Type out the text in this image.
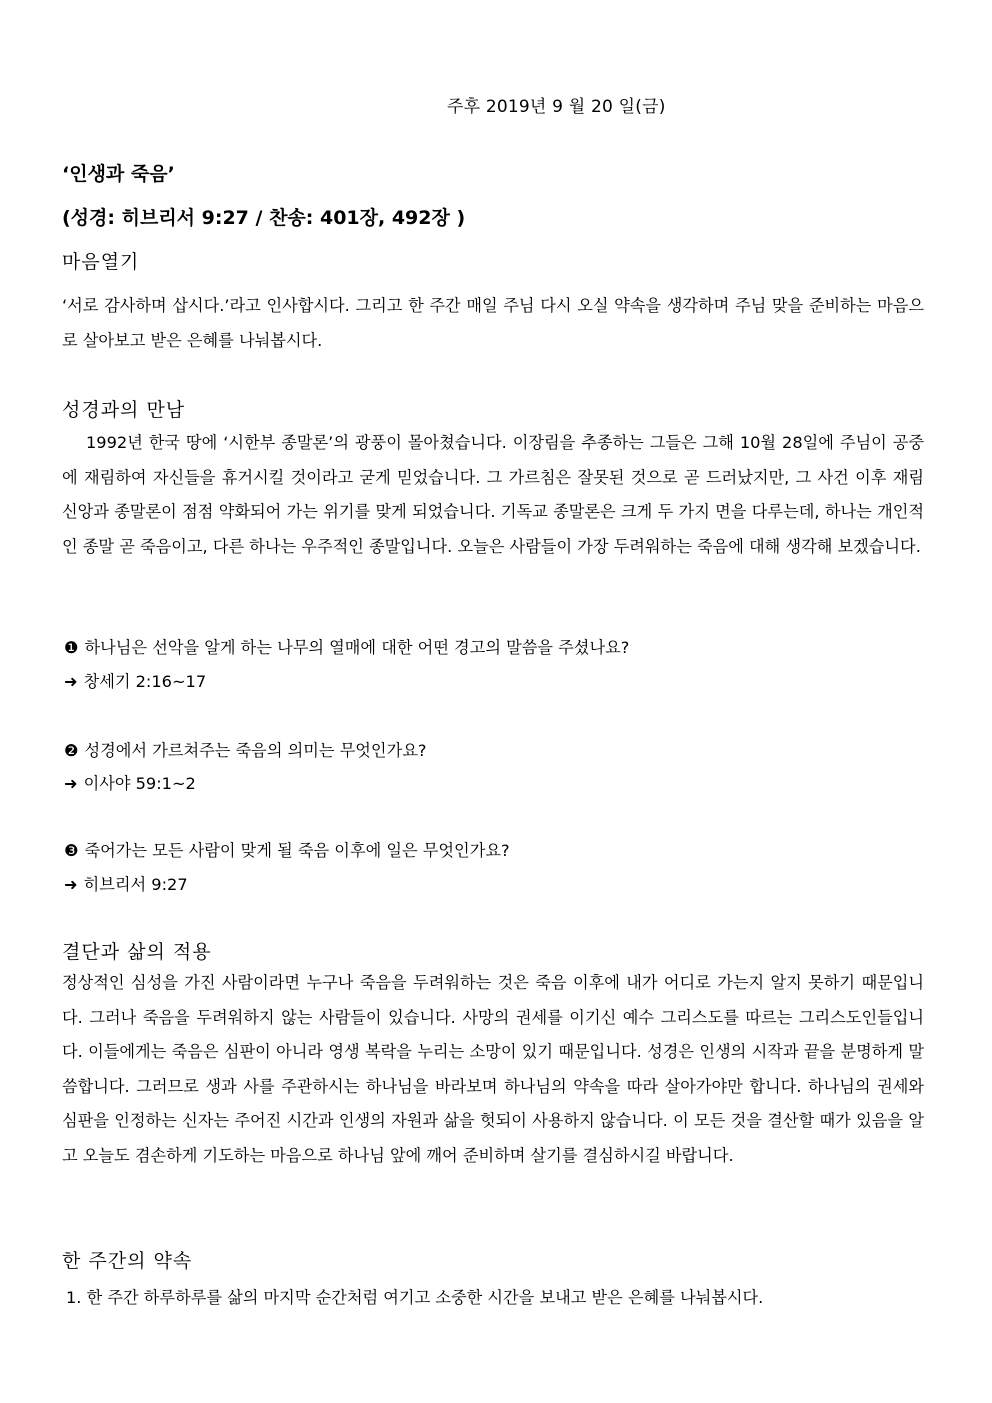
주후 2019년 9 월 20 일(금)
‘인생과 죽음’
(성경: 히브리서 9:27 / 찬송: 401장, 492장 )
마음열기
‘서로 감사하며 삽시다.’라고 인사합시다. 그리고 한 주간 매일 주님 다시 오실 약속을 생각하며 주님 맞을 준비하는 마음으로 살아보고 받은 은혜를 나눠봅시다.
성경과의 만남
1992년 한국 땅에 ‘시한부 종말론’의 광풍이 몰아쳤습니다. 이장림을 추종하는 그들은 그해 10월 28일에 주님이 공중에 재림하여 자신들을 휴거시킬 것이라고 굳게 믿었습니다. 그 가르침은 잘못된 것으로 곧 드러났지만, 그 사건 이후 재림 신앙과 종말론이 점점 약화되어 가는 위기를 맞게 되었습니다. 기독교 종말론은 크게 두 가지 면을 다루는데, 하나는 개인적인 종말 곧 죽음이고, 다른 하나는 우주적인 종말입니다. 오늘은 사람들이 가장 두려워하는 죽음에 대해 생각해 보겠습니다.
❶ 하나님은 선악을 알게 하는 나무의 열매에 대한 어떤 경고의 말씀을 주셨나요?
➜ 창세기 2:16~17
❷ 성경에서 가르쳐주는 죽음의 의미는 무엇인가요?
➜ 이사야 59:1~2
❸ 죽어가는 모든 사람이 맞게 될 죽음 이후에 일은 무엇인가요?
➜ 히브리서 9:27
결단과 삶의 적용
정상적인 심성을 가진 사람이라면 누구나 죽음을 두려워하는 것은 죽음 이후에 내가 어디로 가는지 알지 못하기 때문입니다. 그러나 죽음을 두려워하지 않는 사람들이 있습니다. 사망의 권세를 이기신 예수 그리스도를 따르는 그리스도인들입니다. 이들에게는 죽음은 심판이 아니라 영생 복락을 누리는 소망이 있기 때문입니다. 성경은 인생의 시작과 끝을 분명하게 말씀합니다. 그러므로 생과 사를 주관하시는 하나님을 바라보며 하나님의 약속을 따라 살아가야만 합니다. 하나님의 권세와 심판을 인정하는 신자는 주어진 시간과 인생의 자원과 삶을 헛되이 사용하지 않습니다. 이 모든 것을 결산할 때가 있음을 알고 오늘도 겸손하게 기도하는 마음으로 하나님 앞에 깨어 준비하며 살기를 결심하시길 바랍니다.
한 주간의 약속
1. 한 주간 하루하루를 삶의 마지막 순간처럼 여기고 소중한 시간을 보내고 받은 은혜를 나눠봅시다.
